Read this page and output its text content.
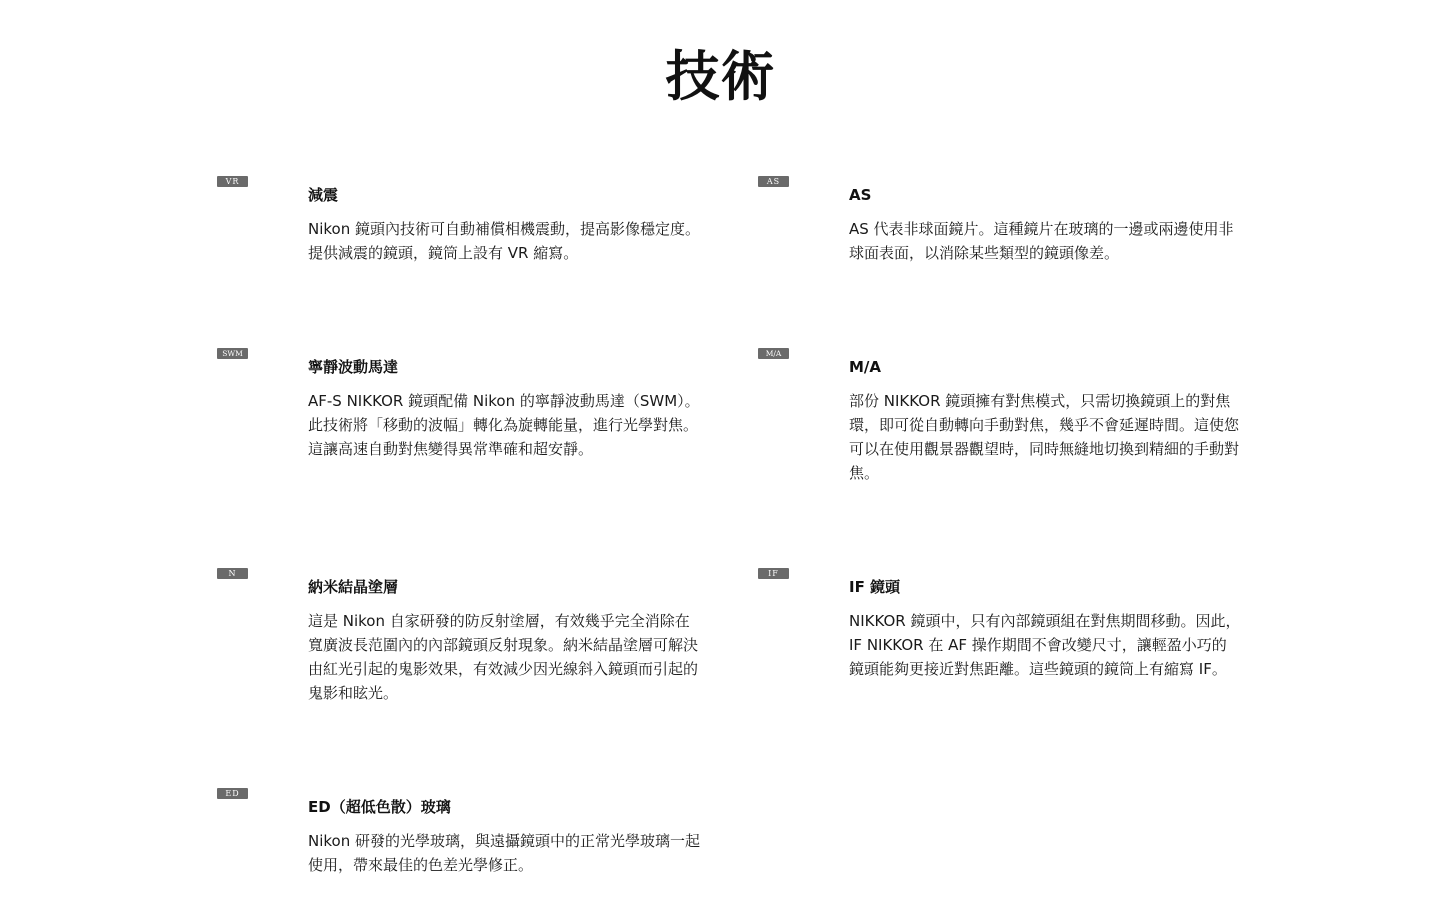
技術
VR
減震

Nikon 鏡頭內技術可自動補償相機震動，提高影像穩定度。提供減震的鏡頭，鏡筒上設有 VR 縮寫。

AS
AS

AS 代表非球面鏡片。這種鏡片在玻璃的一邊或兩邊使用非球面表面，以消除某些類型的鏡頭像差。

SWM
寧靜波動馬達

AF-S NIKKOR 鏡頭配備 Nikon 的寧靜波動馬達（SWM）。此技術將「移動的波幅」轉化為旋轉能量，進行光學對焦。這讓高速自動對焦變得異常準確和超安靜。

M/A
M/A

部份 NIKKOR 鏡頭擁有對焦模式，只需切換鏡頭上的對焦環，即可從自動轉向手動對焦，幾乎不會延遲時間。這使您可以在使用觀景器觀望時，同時無縫地切換到精細的手動對焦。

N
納米結晶塗層

這是 Nikon 自家研發的防反射塗層，有效幾乎完全消除在寬廣波長范圍內的內部鏡頭反射現象。納米結晶塗層可解決由紅光引起的鬼影效果，有效減少因光線斜入鏡頭而引起的鬼影和眩光。

IF
IF 鏡頭

NIKKOR 鏡頭中，只有內部鏡頭組在對焦期間移動。因此，IF NIKKOR 在 AF 操作期間不會改變尺寸，讓輕盈小巧的鏡頭能夠更接近對焦距離。這些鏡頭的鏡筒上有縮寫 IF。

ED
ED（超低色散）玻璃

Nikon 研發的光學玻璃，與遠攝鏡頭中的正常光學玻璃一起使用，帶來最佳的色差光學修正。
